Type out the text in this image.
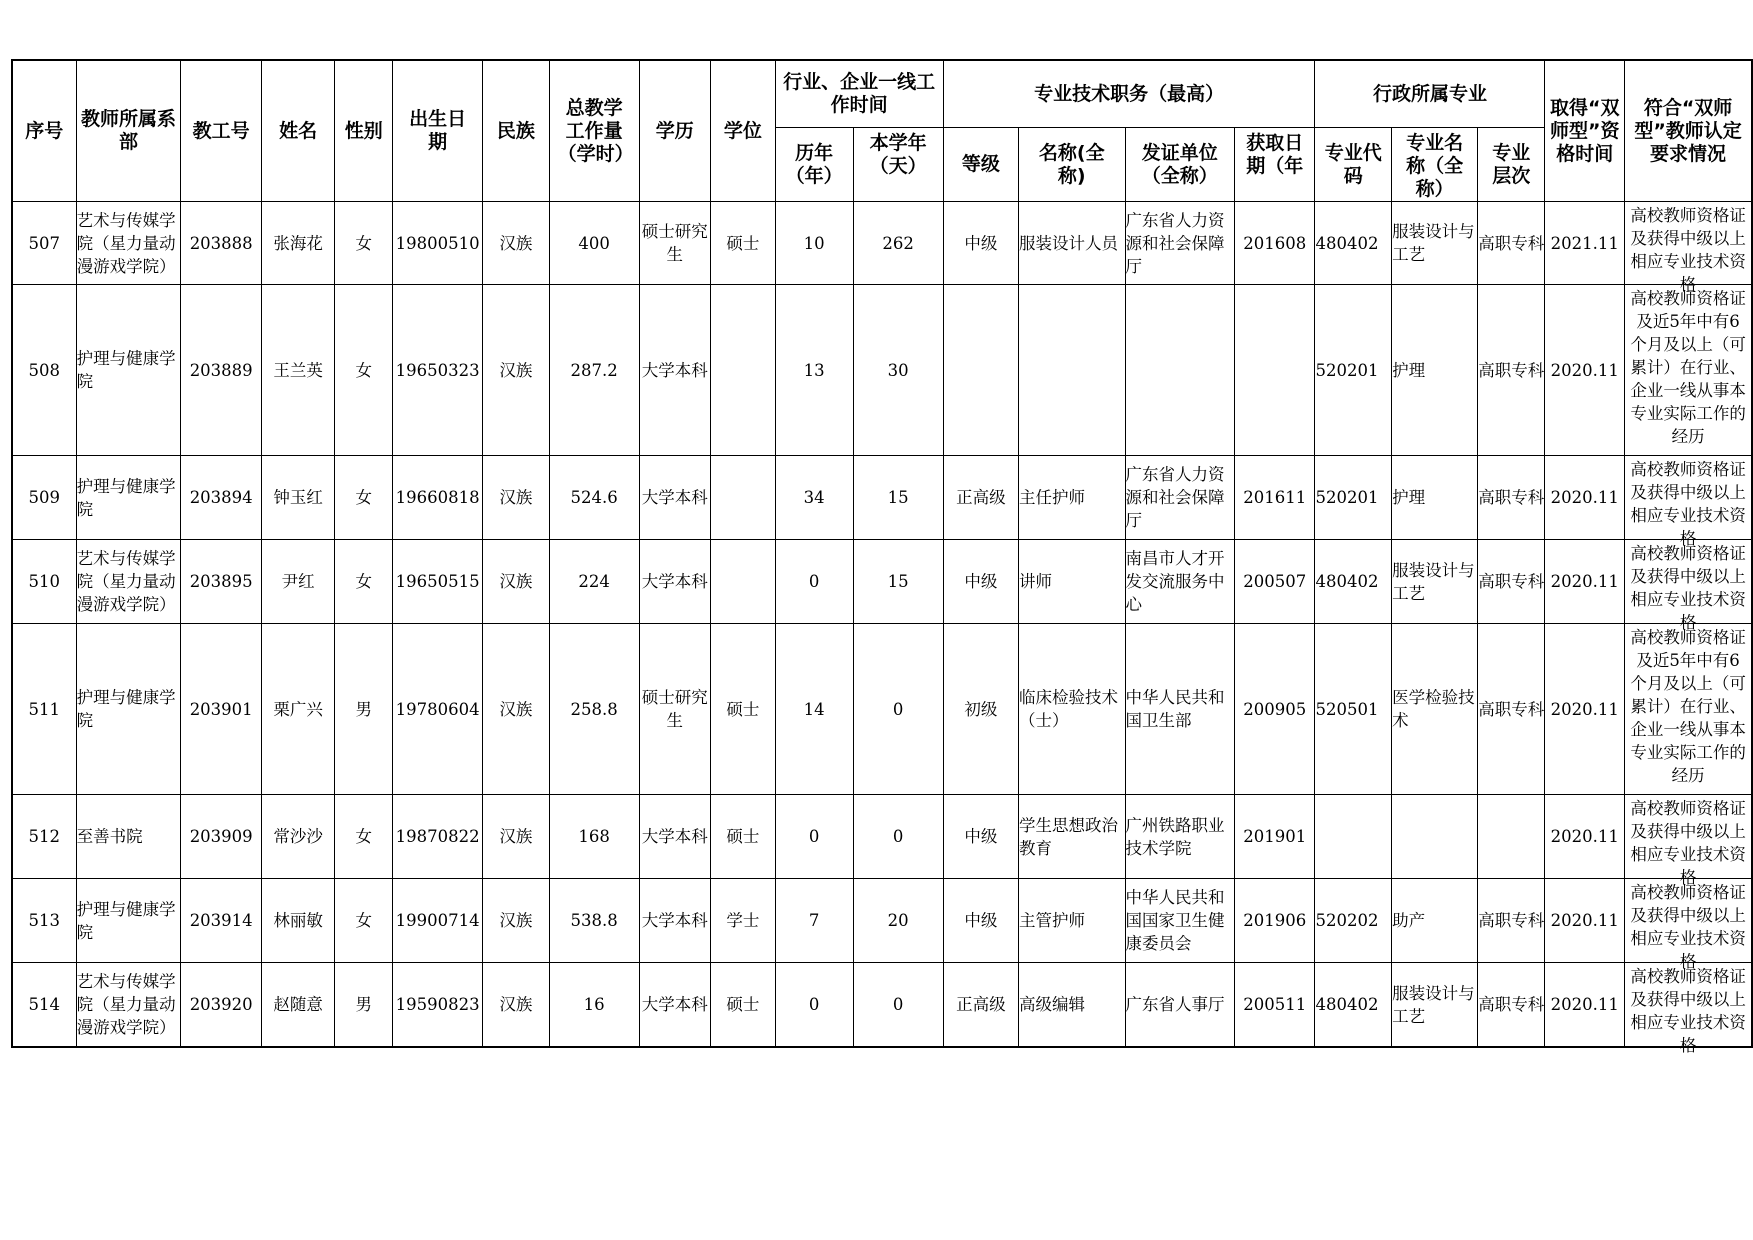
序号	教师所属系部	教工号	姓名	性别	出生日期	民族	总教学工作量（学时）	学历	学位	行业、企业一线工作时间		专业技术职务（最高）				行政所属专业			取得“双师型”资格时间	符合“双师型”教师认定要求情况

历年（年）	本学年（天）	等级	名称(全称)	发证单位（全称）	获取日期（年	专业代码	专业名称（全称）	专业层次		

507	艺术与传媒学院（星力量动漫游戏学院）	203888	张海花	女	19800510	汉族	400	硕士研究生	硕士	10	262	中级	服装设计人员	广东省人力资源和社会保障厅	201608	480402	服装设计与工艺	高职专科	2021.11	高校教师资格证及获得中级以上相应专业技术资格

508	护理与健康学院	203889	王兰英	女	19650323	汉族	287.2	大学本科		13	30					520201	护理	高职专科	2020.11	高校教师资格证及近5年中有6个月及以上（可累计）在行业、企业一线从事本专业实际工作的经历

509	护理与健康学院	203894	钟玉红	女	19660818	汉族	524.6	大学本科		34	15	正高级	主任护师	广东省人力资源和社会保障厅	201611	520201	护理	高职专科	2020.11	高校教师资格证及获得中级以上相应专业技术资格

510	艺术与传媒学院（星力量动漫游戏学院）	203895	尹红	女	19650515	汉族	224	大学本科		0	15	中级	讲师	南昌市人才开发交流服务中心	200507	480402	服装设计与工艺	高职专科	2020.11	高校教师资格证及获得中级以上相应专业技术资格

511	护理与健康学院	203901	栗广兴	男	19780604	汉族	258.8	硕士研究生	硕士	14	0	初级	临床检验技术（士）	中华人民共和国卫生部	200905	520501	医学检验技术	高职专科	2020.11	高校教师资格证及近5年中有6个月及以上（可累计）在行业、企业一线从事本专业实际工作的经历

512	至善书院	203909	常沙沙	女	19870822	汉族	168	大学本科	硕士	0	0	中级	学生思想政治教育	广州铁路职业技术学院	201901				2020.11	高校教师资格证及获得中级以上相应专业技术资格

513	护理与健康学院	203914	林丽敏	女	19900714	汉族	538.8	大学本科	学士	7	20	中级	主管护师	中华人民共和国国家卫生健康委员会	201906	520202	助产	高职专科	2020.11	高校教师资格证及获得中级以上相应专业技术资格

514	艺术与传媒学院（星力量动漫游戏学院）	203920	赵随意	男	19590823	汉族	16	大学本科	硕士	0	0	正高级	高级编辑	广东省人事厅	200511	480402	服装设计与工艺	高职专科	2020.11	高校教师资格证及获得中级以上相应专业技术资格
